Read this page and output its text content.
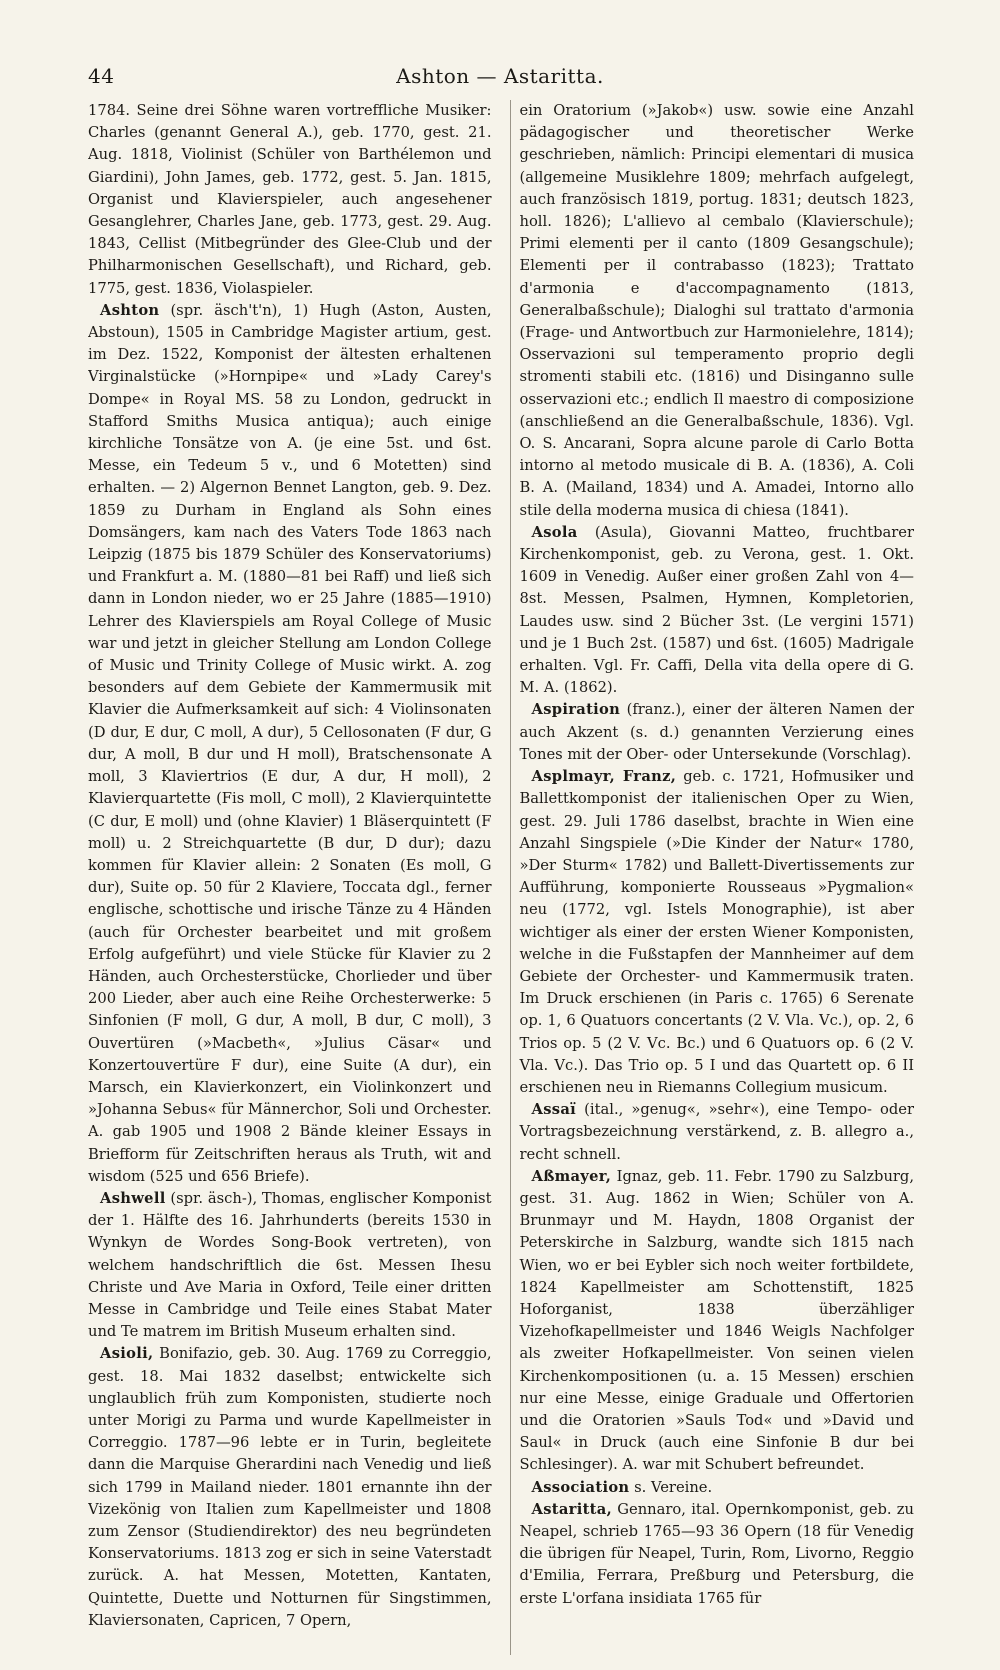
44	Ashton — Astaritta.

1784. Seine drei Söhne waren vortreffliche Musiker: Charles (genannt General A.), geb. 1770, gest. 21. Aug. 1818, Violinist (Schüler von Barthélemon und Giardini), John James, geb. 1772, gest. 5. Jan. 1815, Organist und Klavierspieler, auch angesehener Gesanglehrer, Charles Jane, geb. 1773, gest. 29. Aug. 1843, Cellist (Mitbegründer des Glee-Club und der Philharmonischen Gesellschaft), und Richard, geb. 1775, gest. 1836, Violaspieler.

Ashton (spr. äsch't'n), 1) Hugh (Aston, Austen, Abstoun), 1505 in Cambridge Magister artium, gest. im Dez. 1522, Komponist der ältesten erhaltenen Virginalstücke (»Hornpipe« und »Lady Carey's Dompe« in Royal MS. 58 zu London, gedruckt in Stafford Smiths Musica antiqua); auch einige kirchliche Tonsätze von A. (je eine 5st. und 6st. Messe, ein Tedeum 5 v., und 6 Motetten) sind erhalten. — 2) Algernon Bennet Langton, geb. 9. Dez. 1859 zu Durham in England als Sohn eines Domsängers, kam nach des Vaters Tode 1863 nach Leipzig (1875 bis 1879 Schüler des Konservatoriums) und Frankfurt a. M. (1880—81 bei Raff) und ließ sich dann in London nieder, wo er 25 Jahre (1885—1910) Lehrer des Klavierspiels am Royal College of Music war und jetzt in gleicher Stellung am London College of Music und Trinity College of Music wirkt. A. zog besonders auf dem Gebiete der Kammermusik mit Klavier die Aufmerksamkeit auf sich: 4 Violinsonaten (D dur, E dur, C moll, A dur), 5 Cellosonaten (F dur, G dur, A moll, B dur und H moll), Bratschensonate A moll, 3 Klaviertrios (E dur, A dur, H moll), 2 Klavierquartette (Fis moll, C moll), 2 Klavierquintette (C dur, E moll) und (ohne Klavier) 1 Bläserquintett (F moll) u. 2 Streichquartette (B dur, D dur); dazu kommen für Klavier allein: 2 Sonaten (Es moll, G dur), Suite op. 50 für 2 Klaviere, Toccata dgl., ferner englische, schottische und irische Tänze zu 4 Händen (auch für Orchester bearbeitet und mit großem Erfolg aufgeführt) und viele Stücke für Klavier zu 2 Händen, auch Orchesterstücke, Chorlieder und über 200 Lieder, aber auch eine Reihe Orchesterwerke: 5 Sinfonien (F moll, G dur, A moll, B dur, C moll), 3 Ouvertüren (»Macbeth«, »Julius Cäsar« und Konzertouvertüre F dur), eine Suite (A dur), ein Marsch, ein Klavierkonzert, ein Violinkonzert und »Johanna Sebus« für Männerchor, Soli und Orchester. A. gab 1905 und 1908 2 Bände kleiner Essays in Briefform für Zeitschriften heraus als Truth, wit and wisdom (525 und 656 Briefe).

Ashwell (spr. äsch-), Thomas, englischer Komponist der 1. Hälfte des 16. Jahrhunderts (bereits 1530 in Wynkyn de Wordes Song-Book vertreten), von welchem handschriftlich die 6st. Messen Ihesu Christe und Ave Maria in Oxford, Teile einer dritten Messe in Cambridge und Teile eines Stabat Mater und Te matrem im British Museum erhalten sind.

Asioli, Bonifazio, geb. 30. Aug. 1769 zu Correggio, gest. 18. Mai 1832 daselbst; entwickelte sich unglaublich früh zum Komponisten, studierte noch unter Morigi zu Parma und wurde Kapellmeister in Correggio. 1787—96 lebte er in Turin, begleitete dann die Marquise Gherardini nach Venedig und ließ sich 1799 in Mailand nieder. 1801 ernannte ihn der Vizekönig von Italien zum Kapellmeister und 1808 zum Zensor (Studiendirektor) des neu begründeten Konservatoriums. 1813 zog er sich in seine Vaterstadt zurück. A. hat Messen, Motetten, Kantaten, Quintette, Duette und Notturnen für Singstimmen, Klaviersonaten, Capricen, 7 Opern,

ein Oratorium (»Jakob«) usw. sowie eine Anzahl pädagogischer und theoretischer Werke geschrieben, nämlich: Principi elementari di musica (allgemeine Musiklehre 1809; mehrfach aufgelegt, auch französisch 1819, portug. 1831; deutsch 1823, holl. 1826); L'allievo al cembalo (Klavierschule); Primi elementi per il canto (1809 Gesangschule); Elementi per il contrabasso (1823); Trattato d'armonia e d'accompagnamento (1813, Generalbaßschule); Dialoghi sul trattato d'armonia (Frage- und Antwortbuch zur Harmonielehre, 1814); Osservazioni sul temperamento proprio degli stromenti stabili etc. (1816) und Disinganno sulle osservazioni etc.; endlich Il maestro di composizione (anschließend an die Generalbaßschule, 1836). Vgl. O. S. Ancarani, Sopra alcune parole di Carlo Botta intorno al metodo musicale di B. A. (1836), A. Coli B. A. (Mailand, 1834) und A. Amadei, Intorno allo stile della moderna musica di chiesa (1841).

Asola (Asula), Giovanni Matteo, fruchtbarer Kirchenkomponist, geb. zu Verona, gest. 1. Okt. 1609 in Venedig. Außer einer großen Zahl von 4—8st. Messen, Psalmen, Hymnen, Kompletorien, Laudes usw. sind 2 Bücher 3st. (Le vergini 1571) und je 1 Buch 2st. (1587) und 6st. (1605) Madrigale erhalten. Vgl. Fr. Caffi, Della vita della opere di G. M. A. (1862).

Aspiration (franz.), einer der älteren Namen der auch Akzent (s. d.) genannten Verzierung eines Tones mit der Ober- oder Untersekunde (Vorschlag).

Asplmayr, Franz, geb. c. 1721, Hofmusiker und Ballettkomponist der italienischen Oper zu Wien, gest. 29. Juli 1786 daselbst, brachte in Wien eine Anzahl Singspiele (»Die Kinder der Natur« 1780, »Der Sturm« 1782) und Ballett-Divertissements zur Aufführung, komponierte Rousseaus »Pygmalion« neu (1772, vgl. Istels Monographie), ist aber wichtiger als einer der ersten Wiener Komponisten, welche in die Fußstapfen der Mannheimer auf dem Gebiete der Orchester- und Kammermusik traten. Im Druck erschienen (in Paris c. 1765) 6 Serenate op. 1, 6 Quatuors concertants (2 V. Vla. Vc.), op. 2, 6 Trios op. 5 (2 V. Vc. Bc.) und 6 Quatuors op. 6 (2 V. Vla. Vc.). Das Trio op. 5 I und das Quartett op. 6 II erschienen neu in Riemanns Collegium musicum.

Assaï (ital., »genug«, »sehr«), eine Tempo- oder Vortragsbezeichnung verstärkend, z. B. allegro a., recht schnell.

Aßmayer, Ignaz, geb. 11. Febr. 1790 zu Salzburg, gest. 31. Aug. 1862 in Wien; Schüler von A. Brunmayr und M. Haydn, 1808 Organist der Peterskirche in Salzburg, wandte sich 1815 nach Wien, wo er bei Eybler sich noch weiter fortbildete, 1824 Kapellmeister am Schottenstift, 1825 Hoforganist, 1838 überzähliger Vizehofkapellmeister und 1846 Weigls Nachfolger als zweiter Hofkapellmeister. Von seinen vielen Kirchenkompositionen (u. a. 15 Messen) erschien nur eine Messe, einige Graduale und Offertorien und die Oratorien »Sauls Tod« und »David und Saul« in Druck (auch eine Sinfonie B dur bei Schlesinger). A. war mit Schubert befreundet.

Association s. Vereine.

Astaritta, Gennaro, ital. Opernkomponist, geb. zu Neapel, schrieb 1765—93 36 Opern (18 für Venedig die übrigen für Neapel, Turin, Rom, Livorno, Reggio d'Emilia, Ferrara, Preßburg und Petersburg, die erste L'orfana insidiata 1765 für
